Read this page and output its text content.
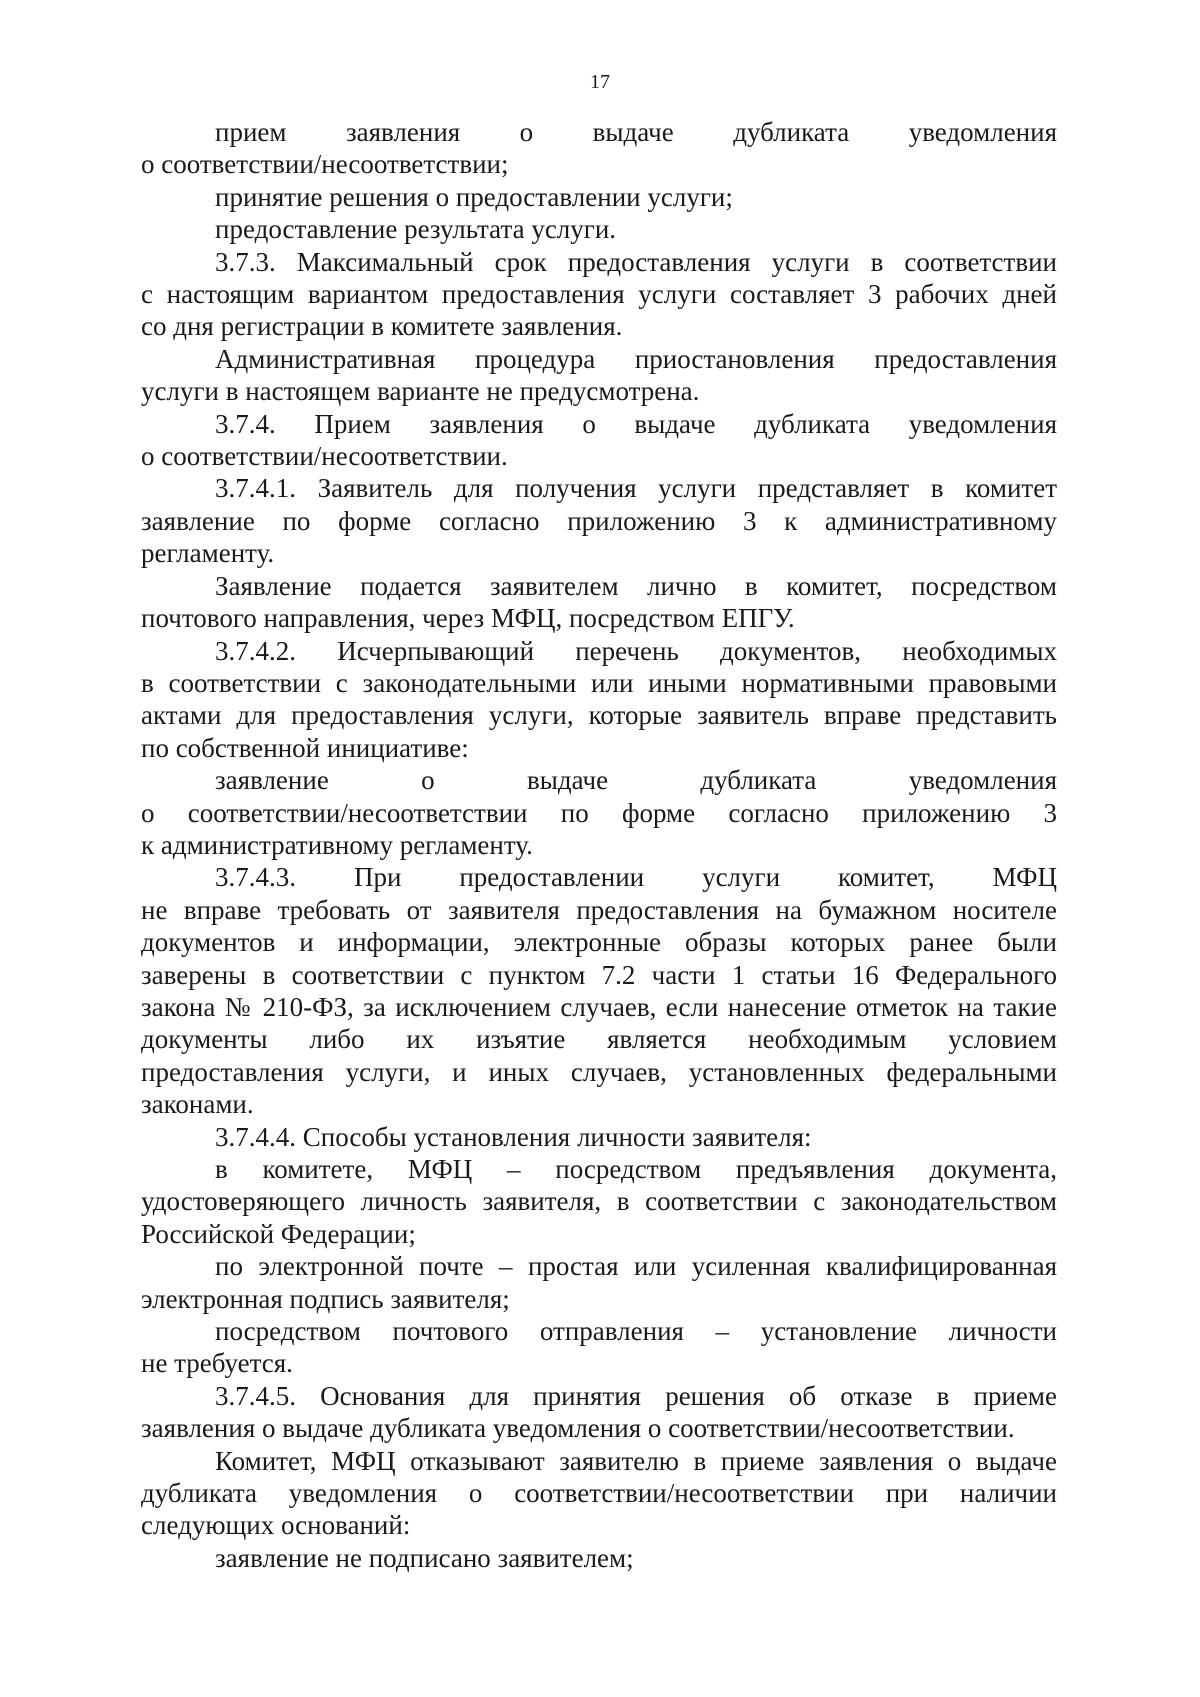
17
прием заявления о выдаче дубликата уведомления
о соответствии/несоответствии;
принятие решения о предоставлении услуги;
предоставление результата услуги.
3.7.3. Максимальный срок предоставления услуги в соответствии
с настоящим вариантом предоставления услуги составляет 3 рабочих дней
со дня регистрации в комитете заявления.
Административная процедура приостановления предоставления
услуги в настоящем варианте не предусмотрена.
3.7.4. Прием заявления о выдаче дубликата уведомления
о соответствии/несоответствии.
3.7.4.1. Заявитель для получения услуги представляет в комитет
заявление по форме согласно приложению 3 к административному
регламенту.
Заявление подается заявителем лично в комитет, посредством
почтового направления, через МФЦ, посредством ЕПГУ.
3.7.4.2. Исчерпывающий перечень документов, необходимых
в соответствии с законодательными или иными нормативными правовыми
актами для предоставления услуги, которые заявитель вправе представить
по собственной инициативе:
заявление о выдаче дубликата уведомления
о соответствии/несоответствии по форме согласно приложению 3
к административному регламенту.
3.7.4.3. При предоставлении услуги комитет, МФЦ
не вправе требовать от заявителя предоставления на бумажном носителе
документов и информации, электронные образы которых ранее были
заверены в соответствии с пунктом 7.2 части 1 статьи 16 Федерального
закона № 210-ФЗ, за исключением случаев, если нанесение отметок на такие
документы либо их изъятие является необходимым условием
предоставления услуги, и иных случаев, установленных федеральными
законами.
3.7.4.4. Способы установления личности заявителя:
в комитете, МФЦ – посредством предъявления документа,
удостоверяющего личность заявителя, в соответствии с законодательством
Российской Федерации;
по электронной почте – простая или усиленная квалифицированная
электронная подпись заявителя;
посредством почтового отправления – установление личности
не требуется.
3.7.4.5. Основания для принятия решения об отказе в приеме
заявления о выдаче дубликата уведомления о соответствии/несоответствии.
Комитет, МФЦ отказывают заявителю в приеме заявления о выдаче
дубликата уведомления о соответствии/несоответствии при наличии
следующих оснований:
заявление не подписано заявителем;
